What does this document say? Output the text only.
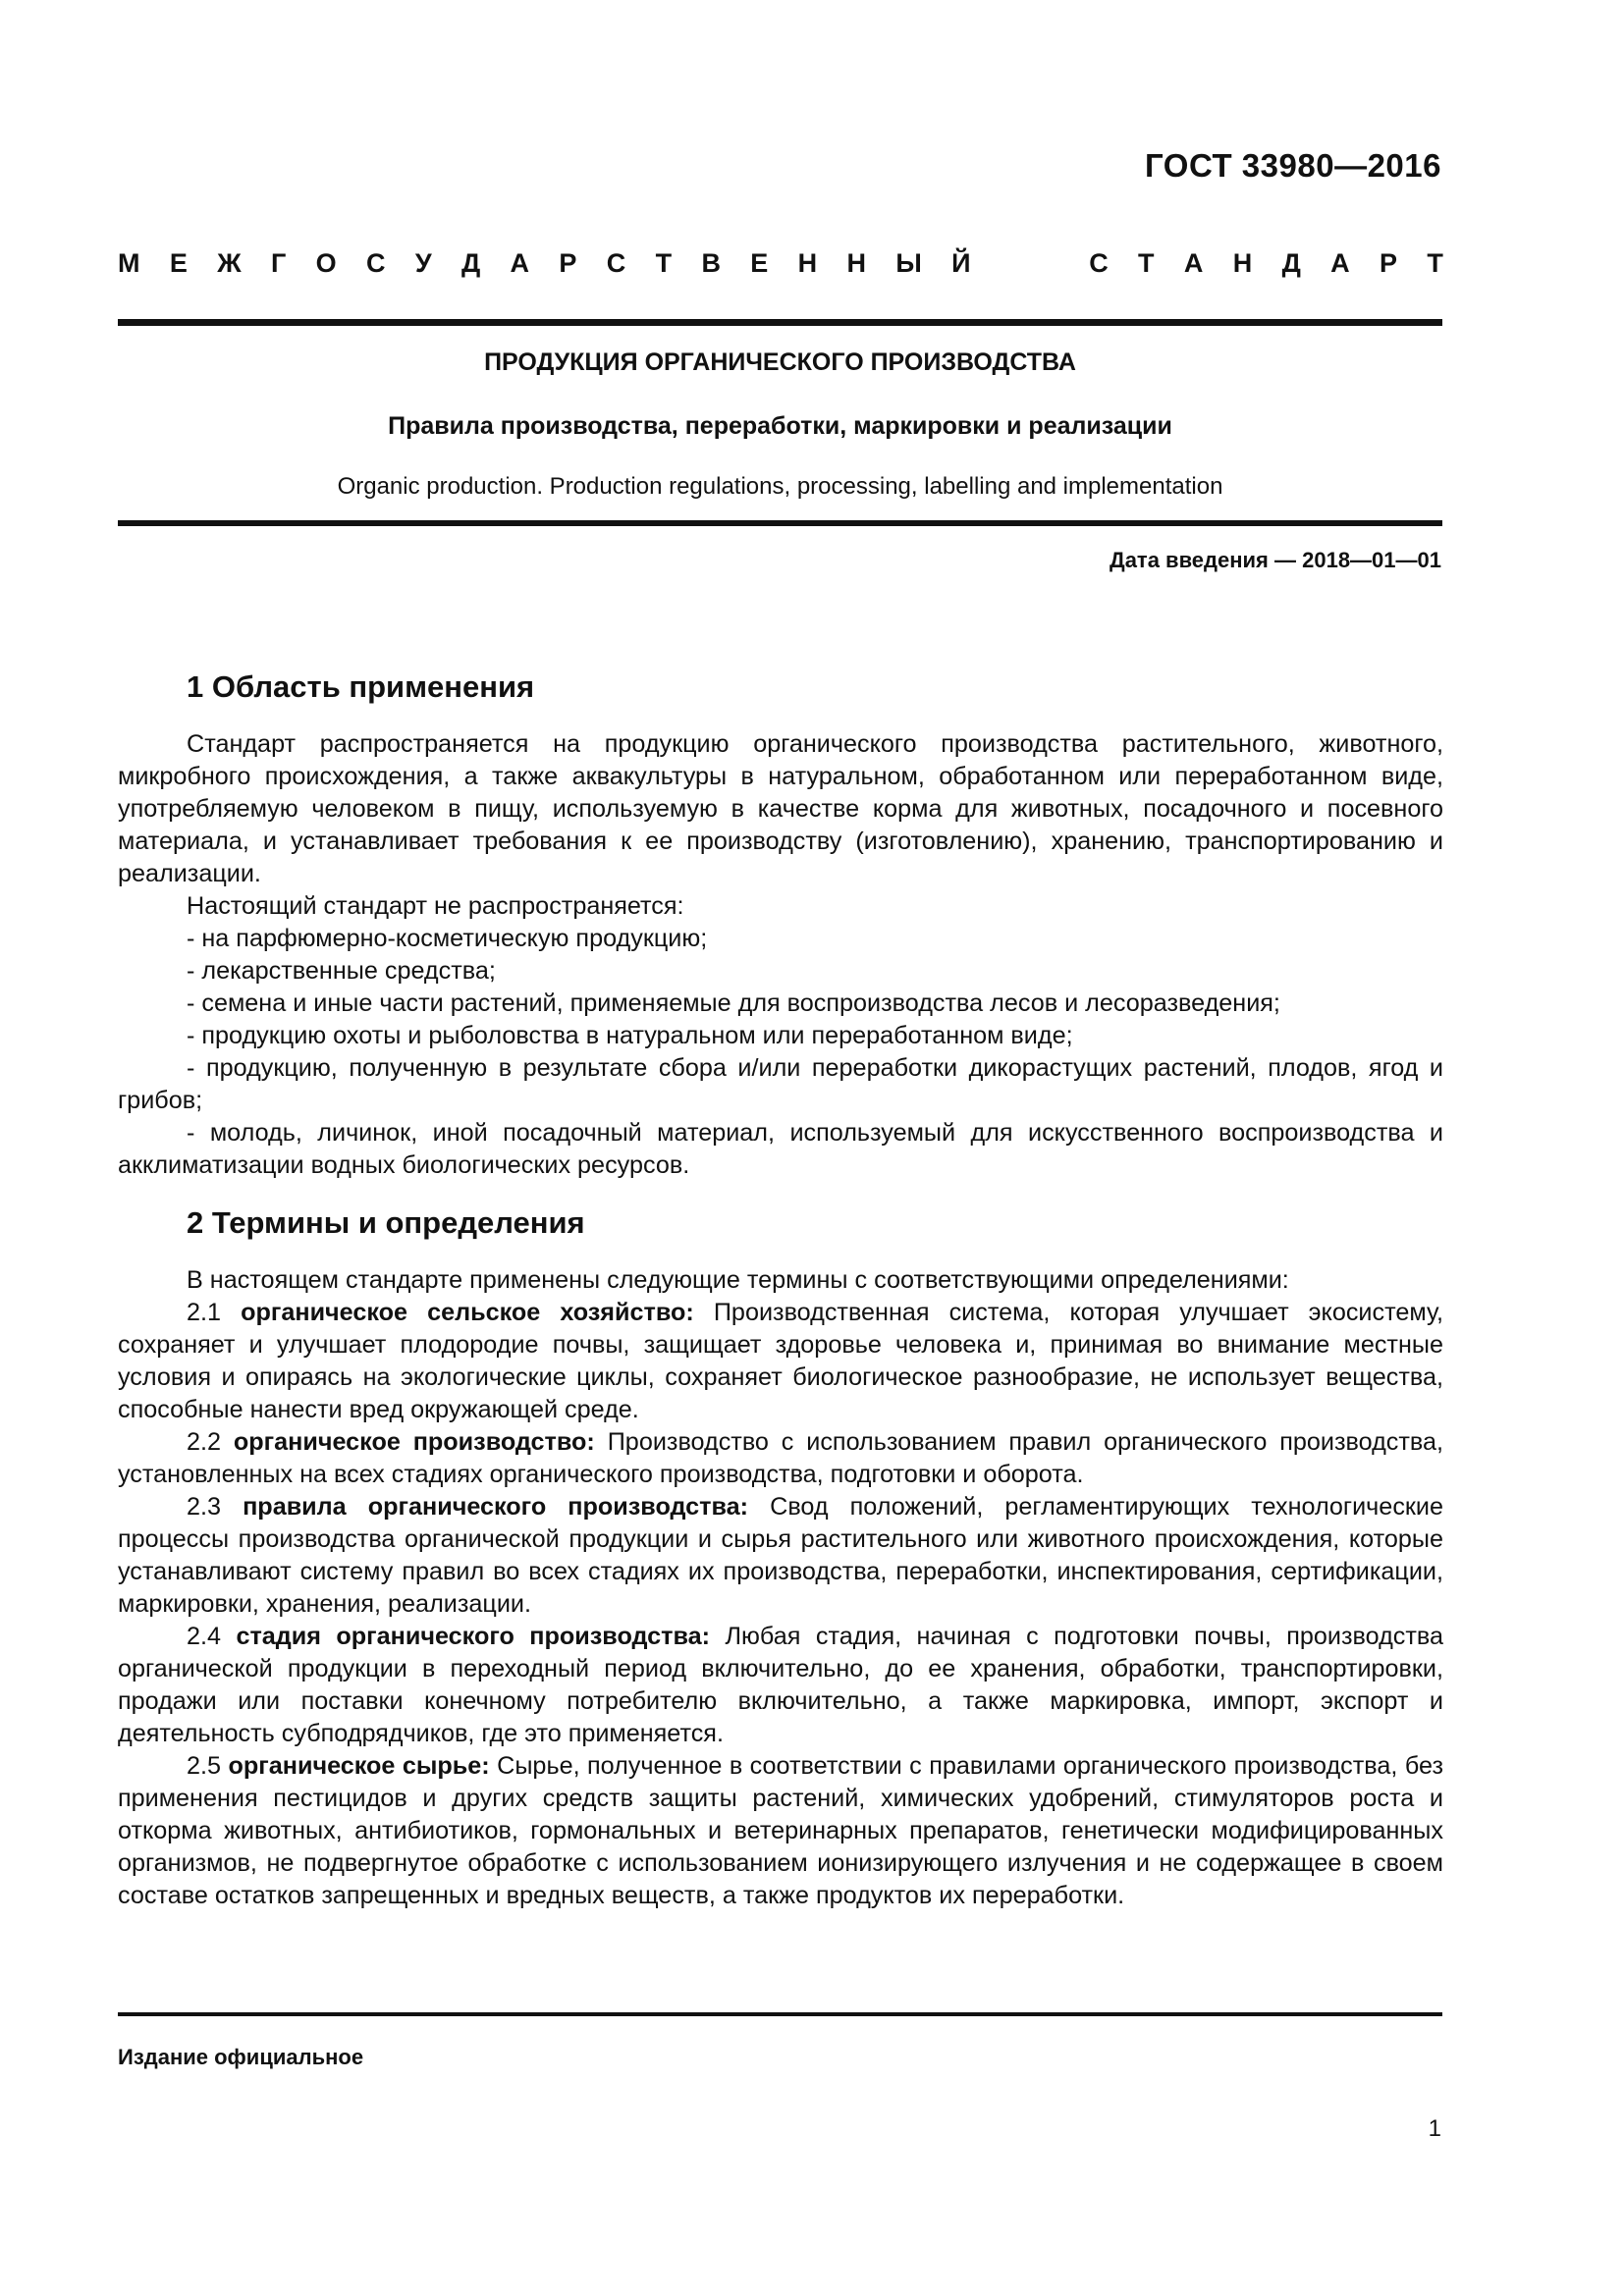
ГОСТ 33980—2016
М Е Ж Г О С У Д А Р С Т В Е Н Н Ы Й	С Т А Н Д А Р Т
ПРОДУКЦИЯ ОРГАНИЧЕСКОГО ПРОИЗВОДСТВА
Правила производства, переработки, маркировки и реализации
Organic production. Production regulations, processing, labelling and implementation
Дата введения — 2018—01—01
1 Область применения

Стандарт распространяется на продукцию органического производства растительного, животного, микробного происхождения, а также аквакультуры в натуральном, обработанном или переработанном виде, употребляемую человеком в пищу, используемую в качестве корма для животных, посадочного и посевного материала, и устанавливает требования к ее производству (изготовлению), хранению, транспортированию и реализации.

Настоящий стандарт не распространяется:

- на парфюмерно-косметическую продукцию;

- лекарственные средства;

- семена и иные части растений, применяемые для воспроизводства лесов и лесоразведения;

- продукцию охоты и рыболовства в натуральном или переработанном виде;

- продукцию, полученную в результате сбора и/или переработки дикорастущих растений, плодов, ягод и грибов;

- молодь, личинок, иной посадочный материал, используемый для искусственного воспроизводства и акклиматизации водных биологических ресурсов.

2 Термины и определения

В настоящем стандарте применены следующие термины с соответствующими определениями:

2.1 органическое сельское хозяйство: Производственная система, которая улучшает экосистему, сохраняет и улучшает плодородие почвы, защищает здоровье человека и, принимая во внимание местные условия и опираясь на экологические циклы, сохраняет биологическое разнообразие, не использует вещества, способные нанести вред окружающей среде.

2.2 органическое производство: Производство с использованием правил органического производства, установленных на всех стадиях органического производства, подготовки и оборота.

2.3 правила органического производства: Свод положений, регламентирующих технологические процессы производства органической продукции и сырья растительного или животного происхождения, которые устанавливают систему правил во всех стадиях их производства, переработки, инспектирования, сертификации, маркировки, хранения, реализации.

2.4 стадия органического производства: Любая стадия, начиная с подготовки почвы, производства органической продукции в переходный период включительно, до ее хранения, обработки, транспортировки, продажи или поставки конечному потребителю включительно, а также маркировка, импорт, экспорт и деятельность субподрядчиков, где это применяется.

2.5 органическое сырье: Сырье, полученное в соответствии с правилами органического производства, без применения пестицидов и других средств защиты растений, химических удобрений, стимуляторов роста и откорма животных, антибиотиков, гормональных и ветеринарных препаратов, генетически модифицированных организмов, не подвергнутое обработке с использованием ионизирующего излучения и не содержащее в своем составе остатков запрещенных и вредных веществ, а также продуктов их переработки.

Издание официальное
1
